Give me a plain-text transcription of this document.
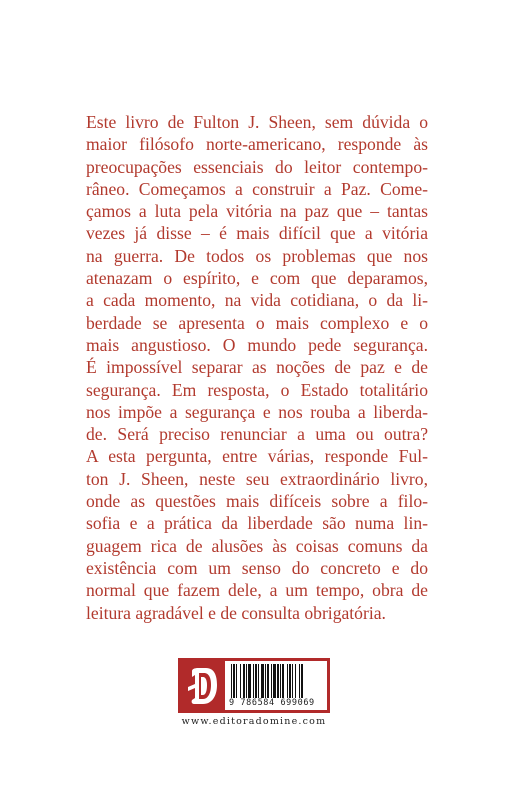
Este livro de Fulton J. Sheen, sem dúvida o
maior filósofo norte-americano, responde às
preocupações essenciais do leitor contempo-
râneo. Começamos a construir a Paz. Come-
çamos a luta pela vitória na paz que – tantas
vezes já disse – é mais difícil que a vitória
na guerra. De todos os problemas que nos
atenazam o espírito, e com que deparamos,
a cada momento, na vida cotidiana, o da li-
berdade se apresenta o mais complexo e o
mais angustioso. O mundo pede segurança.
É impossível separar as noções de paz e de
segurança. Em resposta, o Estado totalitário
nos impõe a segurança e nos rouba a liberda-
de. Será preciso renunciar a uma ou outra?
A esta pergunta, entre várias, responde Ful-
ton J. Sheen, neste seu extraordinário livro,
onde as questões mais difíceis sobre a filo-
sofia e a prática da liberdade são numa lin-
guagem rica de alusões às coisas comuns da
existência com um senso do concreto e do
normal que fazem dele, a um tempo, obra de
leitura agradável e de consulta obrigatória.
9 786584 699069
www.editoradomine.com
